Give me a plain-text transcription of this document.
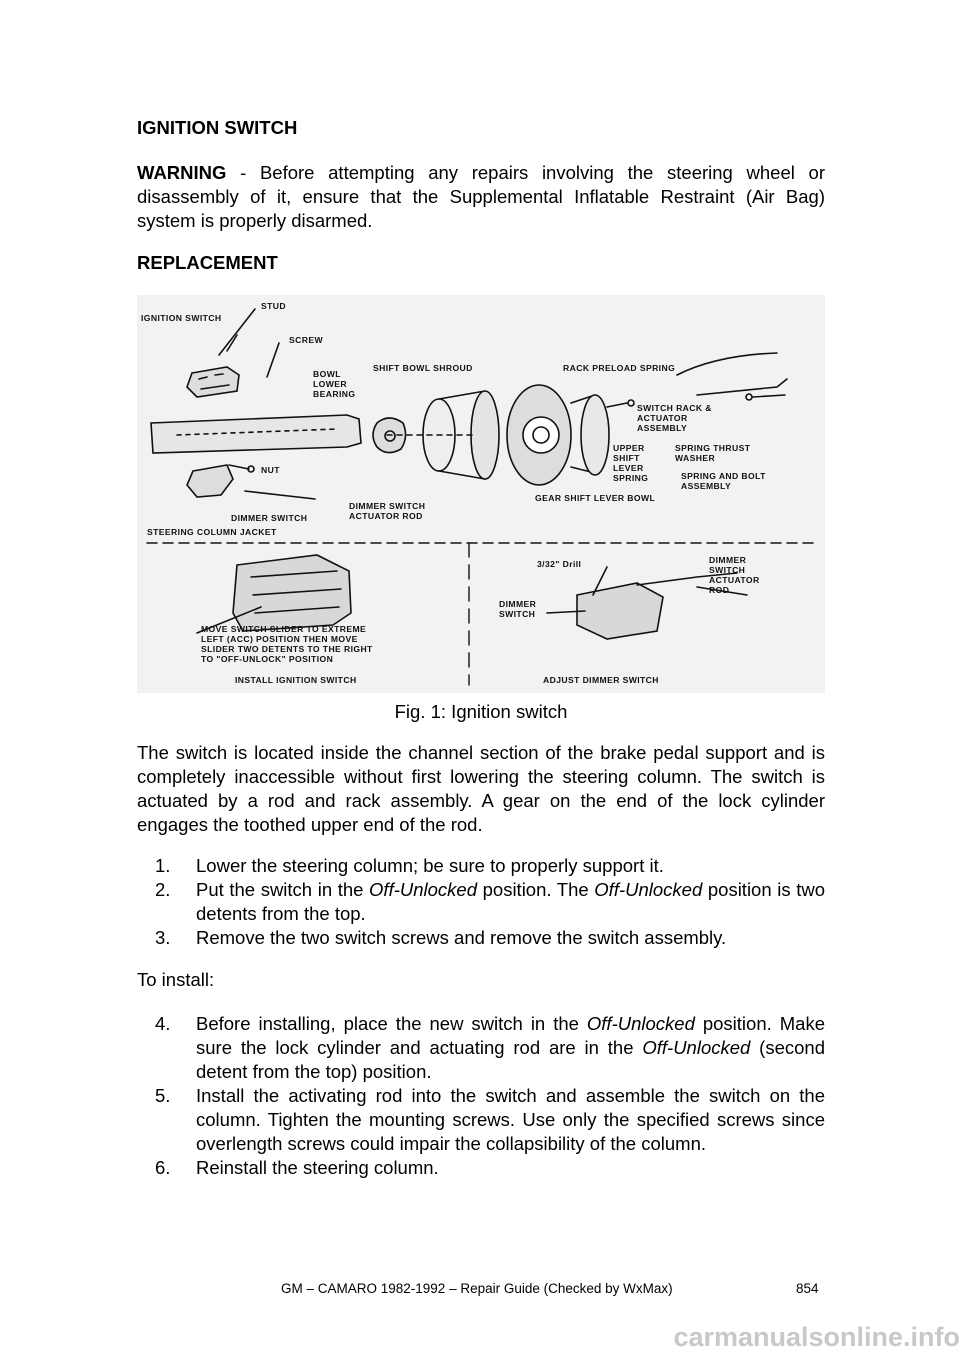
IGNITION SWITCH
WARNING - Before attempting any repairs involving the steering wheel or disassembly of it, ensure that the Supplemental Inflatable Restraint (Air Bag) system is properly disarmed.
REPLACEMENT
IGNITION SWITCH
STUD
SCREW
BOWL
LOWER
BEARING
SHIFT BOWL SHROUD	RACK PRELOAD SPRING
SWITCH RACK &
ACTUATOR
ASSEMBLY
UPPER
SHIFT
LEVER
SPRING
SPRING THRUST
WASHER
SPRING AND BOLT
ASSEMBLY
NUT
GEAR SHIFT LEVER BOWL
DIMMER SWITCH
DIMMER SWITCH
ACTUATOR ROD
STEERING COLUMN JACKET
MOVE SWITCH SLIDER TO EXTREME
LEFT (ACC) POSITION THEN MOVE
SLIDER TWO DETENTS TO THE RIGHT
TO "OFF-UNLOCK" POSITION
INSTALL IGNITION SWITCH
3/32" Drill
DIMMER
SWITCH
DIMMER
SWITCH
ACTUATOR
ROD
ADJUST DIMMER SWITCH
Fig. 1: Ignition switch
The switch is located inside the channel section of the brake pedal support and is completely inaccessible without first lowering the steering column. The switch is actuated by a rod and rack assembly. A gear on the end of the lock cylinder engages the toothed upper end of the rod.
1. Lower the steering column; be sure to properly support it.
2. Put the switch in the Off-Unlocked position. The Off-Unlocked position is two detents from the top.
3. Remove the two switch screws and remove the switch assembly.
To install:
4. Before installing, place the new switch in the Off-Unlocked position. Make sure the lock cylinder and actuating rod are in the Off-Unlocked (second detent from the top) position.
5. Install the activating rod into the switch and assemble the switch on the column. Tighten the mounting screws. Use only the specified screws since overlength screws could impair the collapsibility of the column.
6. Reinstall the steering column.
GM – CAMARO 1982-1992 – Repair Guide (Checked by WxMax)	854
carmanualsonline.info
